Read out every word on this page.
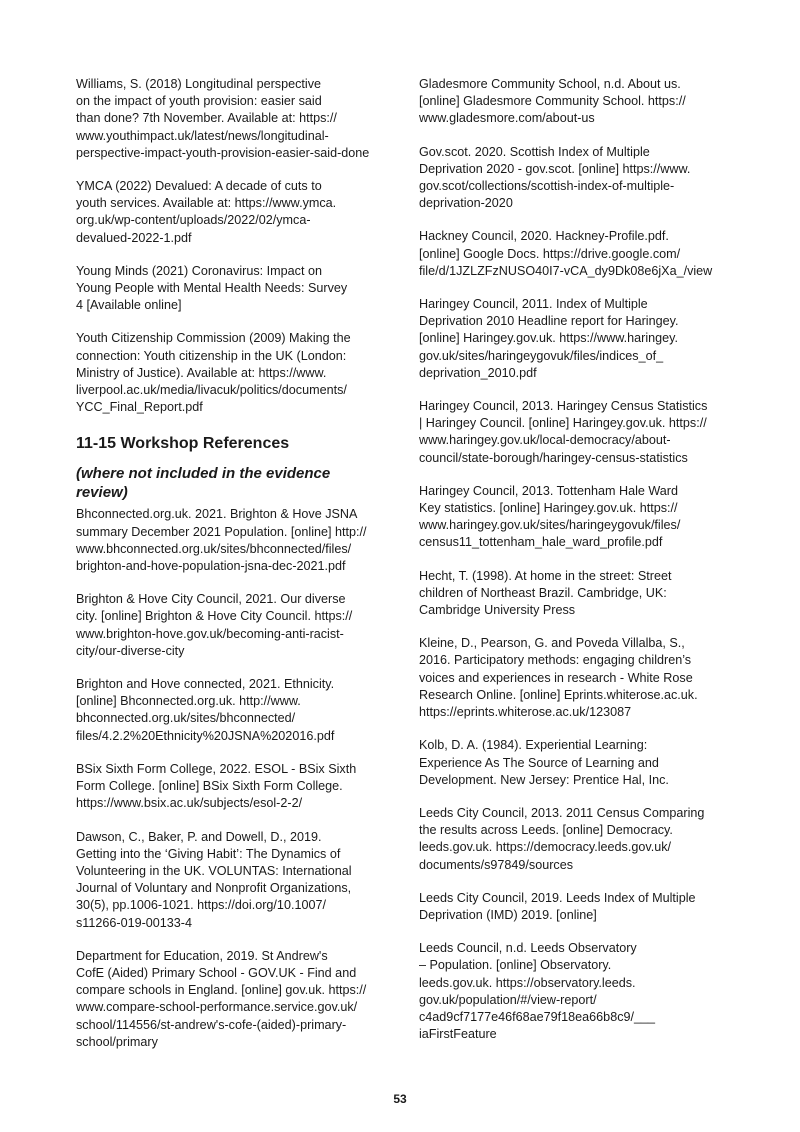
Williams, S. (2018) Longitudinal perspective
on the impact of youth provision: easier said
than done? 7th November. Available at: https://
www.youthimpact.uk/latest/news/longitudinal-
perspective-impact-youth-provision-easier-said-done

YMCA (2022) Devalued: A decade of cuts to
youth services. Available at: https://www.ymca.
org.uk/wp-content/uploads/2022/02/ymca-
devalued-2022-1.pdf

Young Minds (2021) Coronavirus: Impact on
Young People with Mental Health Needs: Survey
4 [Available online]

Youth Citizenship Commission (2009) Making the
connection: Youth citizenship in the UK (London:
Ministry of Justice). Available at: https://www.
liverpool.ac.uk/media/livacuk/politics/documents/
YCC_Final_Report.pdf

11-15 Workshop References
(where not included in the evidence
review)

Bhconnected.org.uk. 2021. Brighton & Hove JSNA
summary December 2021 Population. [online] http://
www.bhconnected.org.uk/sites/bhconnected/files/
brighton-and-hove-population-jsna-dec-2021.pdf

Brighton & Hove City Council, 2021. Our diverse
city. [online] Brighton & Hove City Council. https://
www.brighton-hove.gov.uk/becoming-anti-racist-
city/our-diverse-city

Brighton and Hove connected, 2021. Ethnicity.
[online] Bhconnected.org.uk. http://www.
bhconnected.org.uk/sites/bhconnected/
files/4.2.2%20Ethnicity%20JSNA%202016.pdf

BSix Sixth Form College, 2022. ESOL - BSix Sixth
Form College. [online] BSix Sixth Form College.
https://www.bsix.ac.uk/subjects/esol-2-2/

Dawson, C., Baker, P. and Dowell, D., 2019.
Getting into the ‘Giving Habit’: The Dynamics of
Volunteering in the UK. VOLUNTAS: International
Journal of Voluntary and Nonprofit Organizations,
30(5), pp.1006-1021. https://doi.org/10.1007/
s11266-019-00133-4

Department for Education, 2019. St Andrew's
CofE (Aided) Primary School - GOV.UK - Find and
compare schools in England. [online] gov.uk. https://
www.compare-school-performance.service.gov.uk/
school/114556/st-andrew's-cofe-(aided)-primary-
school/primary

Gladesmore Community School, n.d. About us.
[online] Gladesmore Community School. https://
www.gladesmore.com/about-us

Gov.scot. 2020. Scottish Index of Multiple
Deprivation 2020 - gov.scot. [online] https://www.
gov.scot/collections/scottish-index-of-multiple-
deprivation-2020

Hackney Council, 2020. Hackney-Profile.pdf.
[online] Google Docs. https://drive.google.com/
file/d/1JZLZFzNUSO40I7-vCA_dy9Dk08e6jXa_/view

Haringey Council, 2011. Index of Multiple
Deprivation 2010 Headline report for Haringey.
[online] Haringey.gov.uk. https://www.haringey.
gov.uk/sites/haringeygovuk/files/indices_of_
deprivation_2010.pdf

Haringey Council, 2013. Haringey Census Statistics
| Haringey Council. [online] Haringey.gov.uk. https://
www.haringey.gov.uk/local-democracy/about-
council/state-borough/haringey-census-statistics

Haringey Council, 2013. Tottenham Hale Ward
Key statistics. [online] Haringey.gov.uk. https://
www.haringey.gov.uk/sites/haringeygovuk/files/
census11_tottenham_hale_ward_profile.pdf

Hecht, T. (1998). At home in the street: Street
children of Northeast Brazil. Cambridge, UK:
Cambridge University Press

Kleine, D., Pearson, G. and Poveda Villalba, S.,
2016. Participatory methods: engaging children’s
voices and experiences in research - White Rose
Research Online. [online] Eprints.whiterose.ac.uk.
https://eprints.whiterose.ac.uk/123087

Kolb, D. A. (1984). Experiential Learning:
Experience As The Source of Learning and
Development. New Jersey: Prentice Hal, Inc.

Leeds City Council, 2013. 2011 Census Comparing
the results across Leeds. [online] Democracy.
leeds.gov.uk. https://democracy.leeds.gov.uk/
documents/s97849/sources

Leeds City Council, 2019. Leeds Index of Multiple
Deprivation (IMD) 2019. [online]

Leeds Council, n.d. Leeds Observatory
– Population. [online] Observatory.
leeds.gov.uk. https://observatory.leeds.
gov.uk/population/#/view-report/
c4ad9cf7177e46f68ae79f18ea66b8c9/___
iaFirstFeature

53
